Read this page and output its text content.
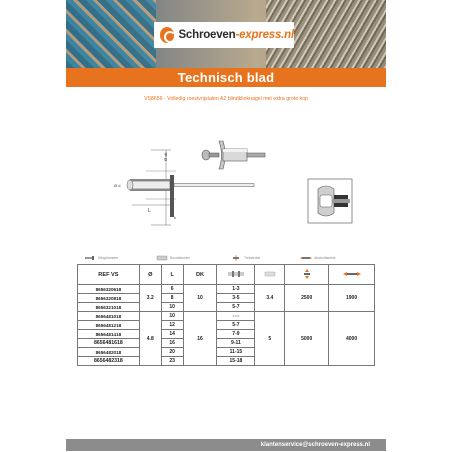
Schroeven-express.nl
Technisch blad
VS8656 - Volledig roestvrijstalen A2 blindklinknagel met extra grote kop
Ø dk
L
Ø d
k
Klingdiameter	Boordiameter	Treksterkte	Afschuifsterkte
REF VS	Ø	L	DK				
8656320618	3.2	6	10	1-3	3.4	2500	1900
8656320818		8		3-5			
8656321018		10		5-7			
8656481018	4.8	10	16	3,6-5	5	5000	4000
8656481218		12		5-7			
8656481418		14		7-9			
8656481618		16		9-11			
8656482018		20		11-15			
8656482318		23		15-18			
klantenservice@schroeven-express.nl
